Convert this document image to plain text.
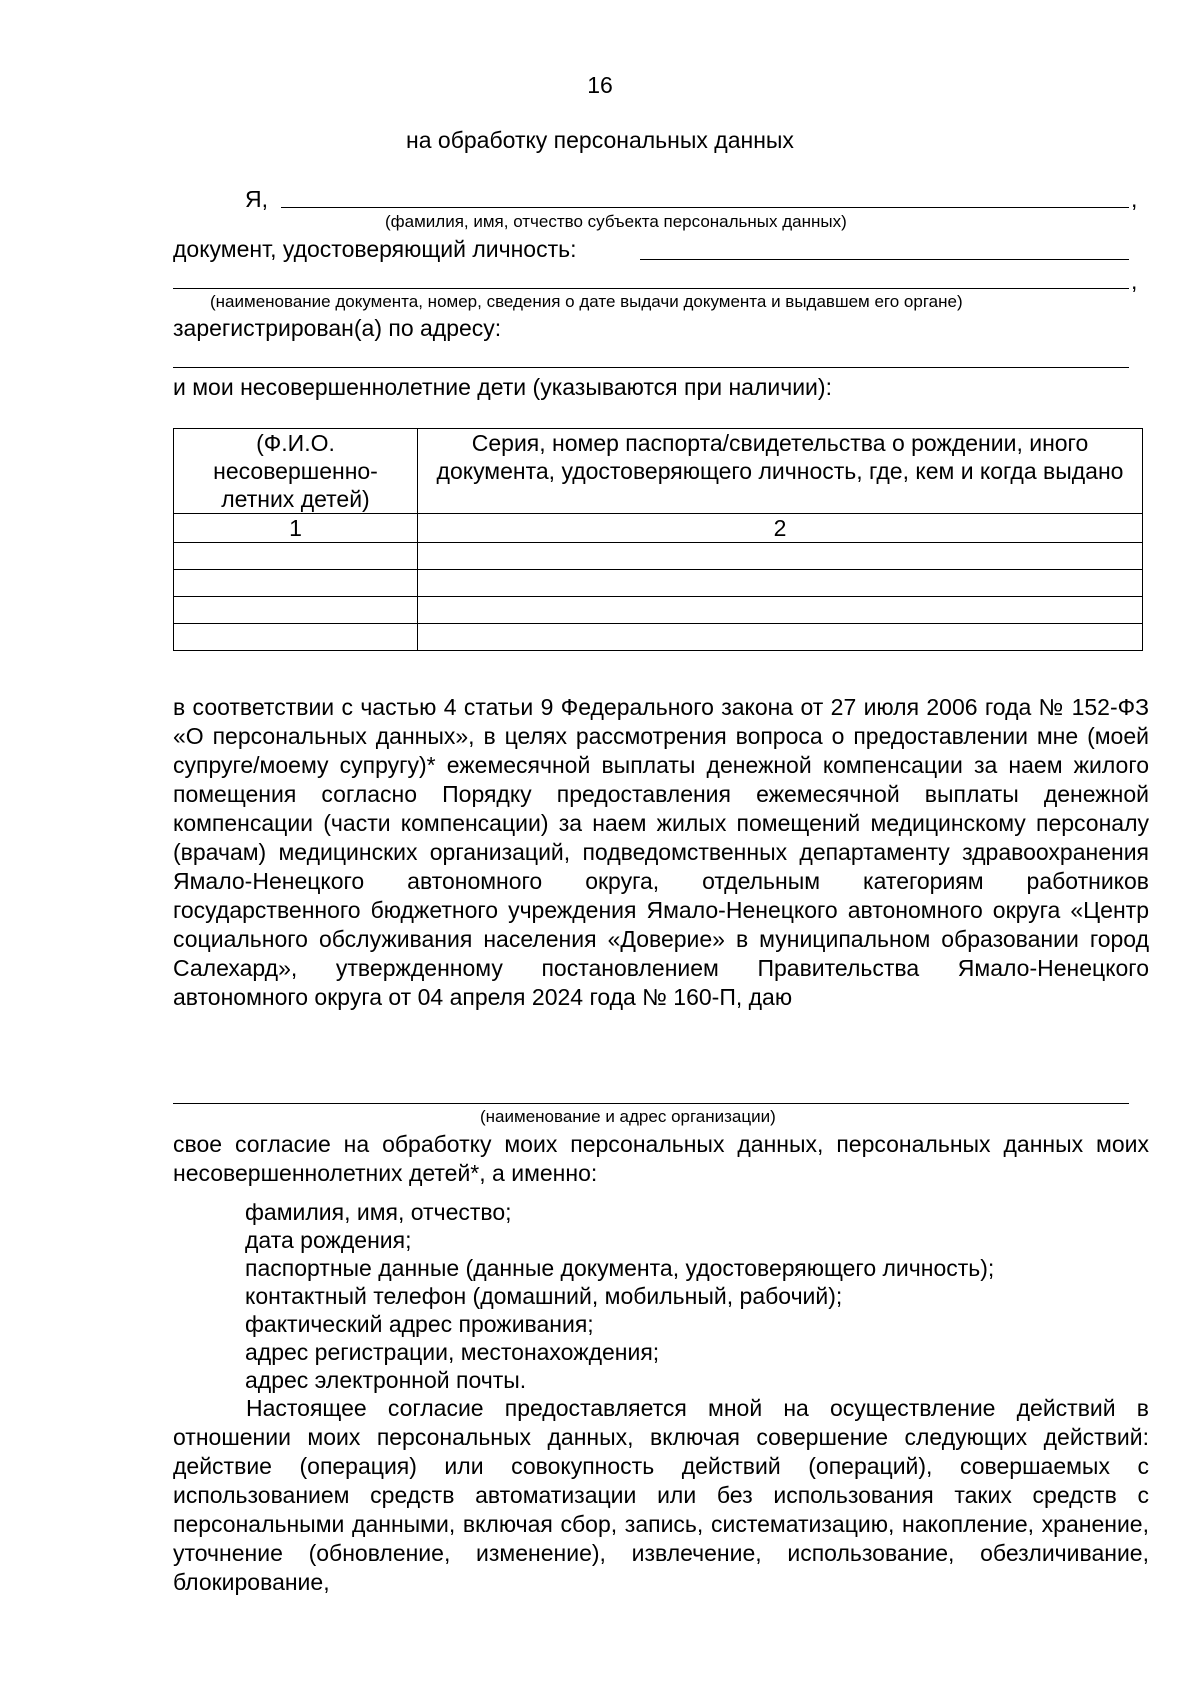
16
на обработку персональных данных
Я,	,
(фамилия, имя, отчество субъекта персональных данных)
документ, удостоверяющий личность:
,
(наименование документа, номер, сведения о дате выдачи документа и выдавшем его органе)
зарегистрирован(а) по адресу:
и мои несовершеннолетние дети (указываются при наличии):
(Ф.И.О. несовершенно-летних детей)	Серия, номер паспорта/свидетельства о рождении, иного документа, удостоверяющего личность, где, кем и когда выдано
1	2

в соответствии с частью 4 статьи 9 Федерального закона от 27 июля 2006 года № 152-ФЗ «О персональных данных», в целях рассмотрения вопроса о предоставлении мне (моей супруге/моему супругу)* ежемесячной выплаты денежной компенсации за наем жилого помещения согласно Порядку предоставления ежемесячной выплаты денежной компенсации (части компенсации) за наем жилых помещений медицинскому персоналу (врачам) медицинских организаций, подведомственных департаменту здравоохранения Ямало-Ненецкого автономного округа, отдельным категориям работников государственного бюджетного учреждения Ямало-Ненецкого автономного округа «Центр социального обслуживания населения «Доверие» в муниципальном образовании город Салехард», утвержденному постановлением Правительства Ямало-Ненецкого автономного округа от 04 апреля 2024 года № 160-П, даю

(наименование и адрес организации)

свое согласие на обработку моих персональных данных, персональных данных моих несовершеннолетних детей*, а именно:

фамилия, имя, отчество;
дата рождения;
паспортные данные (данные документа, удостоверяющего личность);
контактный телефон (домашний, мобильный, рабочий);
фактический адрес проживания;
адрес регистрации, местонахождения;
адрес электронной почты.

Настоящее согласие предоставляется мной на осуществление действий в отношении моих персональных данных, включая совершение следующих действий: действие (операция) или совокупность действий (операций), совершаемых с использованием средств автоматизации или без использования таких средств с персональными данными, включая сбор, запись, систематизацию, накопление, хранение, уточнение (обновление, изменение), извлечение, использование, обезличивание, блокирование,
